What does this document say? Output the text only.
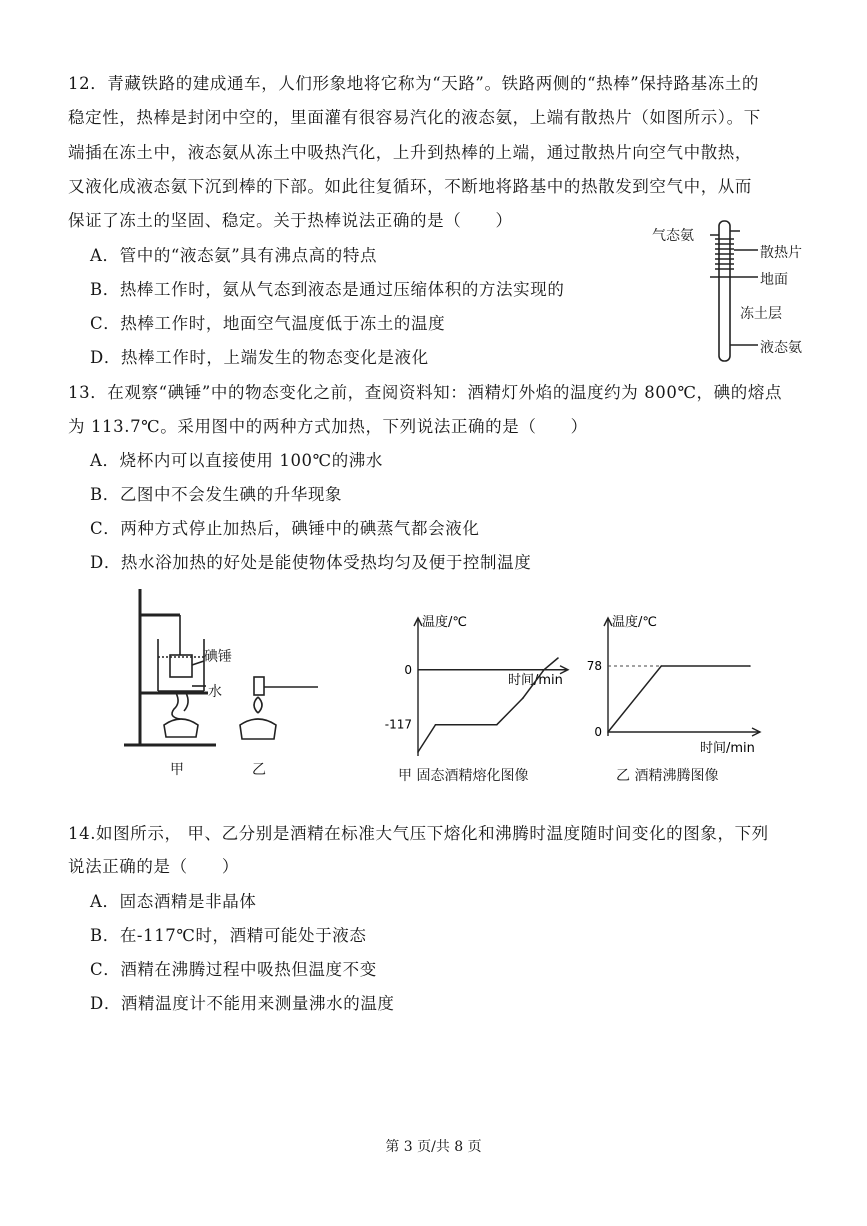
12．青藏铁路的建成通车，人们形象地将它称为“天路”。铁路两侧的“热棒”保持路基冻土的
稳定性，热棒是封闭中空的，里面灌有很容易汽化的液态氨，上端有散热片（如图所示）。下
端插在冻土中，液态氨从冻土中吸热汽化，上升到热棒的上端，通过散热片向空气中散热，
又液化成液态氨下沉到棒的下部。如此往复循环，不断地将路基中的热散发到空气中，从而
保证了冻土的坚固、稳定。关于热棒说法正确的是（　　）
A．管中的“液态氨”具有沸点高的特点
B．热棒工作时，氨从气态到液态是通过压缩体积的方法实现的
C．热棒工作时，地面空气温度低于冻土的温度
D．热棒工作时，上端发生的物态变化是液化
气态氨
散热片
地面
冻土层
液态氨
13．在观察“碘锤”中的物态变化之前，查阅资料知：酒精灯外焰的温度约为 800℃，碘的熔点
为 113.7℃。采用图中的两种方式加热，下列说法正确的是（　　）
A．烧杯内可以直接使用 100℃的沸水
B．乙图中不会发生碘的升华现象
C．两种方式停止加热后，碘锤中的碘蒸气都会液化
D．热水浴加热的好处是能使物体受热均匀及便于控制温度
碘锤
水
甲	乙
温度/℃
时间/min
0
-117
甲 固态酒精熔化图像
温度/℃
时间/min
78
0
乙 酒精沸腾图像
14.如图所示， 甲、乙分别是酒精在标准大气压下熔化和沸腾时温度随时间变化的图象，下列
说法正确的是（　　）
A．固态酒精是非晶体
B．在-117℃时，酒精可能处于液态
C．酒精在沸腾过程中吸热但温度不变
D．酒精温度计不能用来测量沸水的温度
第 3 页/共 8 页
